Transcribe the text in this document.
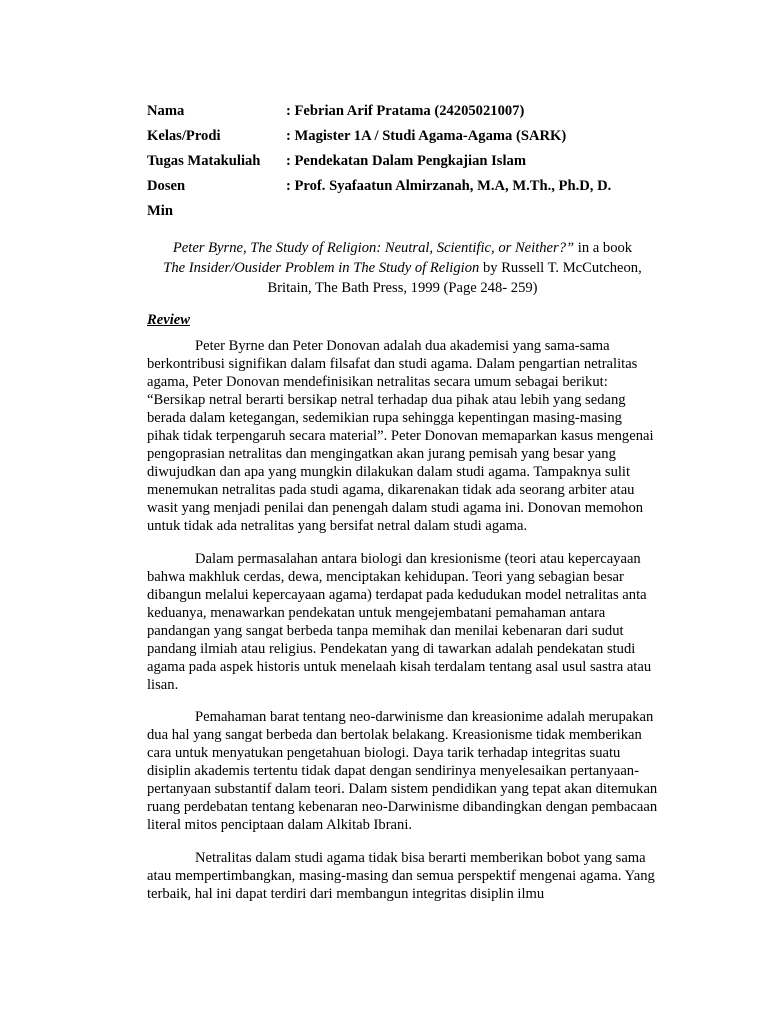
Nama	: Febrian Arif Pratama (24205021007)
Kelas/Prodi	: Magister 1A / Studi Agama-Agama (SARK)
Tugas Matakuliah	: Pendekatan Dalam Pengkajian Islam
Dosen	: Prof. Syafaatun Almirzanah, M.A, M.Th., Ph.D, D.
Min
Peter Byrne, The Study of Religion: Neutral, Scientific, or Neither?” in a book
The Insider/Ousider Problem in The Study of Religion by Russell T. McCutcheon,
Britain, The Bath Press, 1999 (Page 248- 259)
Review

Peter Byrne dan Peter Donovan adalah dua akademisi yang sama-sama berkontribusi signifikan dalam filsafat dan studi agama. Dalam pengartian netralitas agama, Peter Donovan mendefinisikan netralitas secara umum sebagai berikut: “Bersikap netral berarti bersikap netral terhadap dua pihak atau lebih yang sedang berada dalam ketegangan, sedemikian rupa sehingga kepentingan masing-masing pihak tidak terpengaruh secara material”. Peter Donovan memaparkan kasus mengenai pengoprasian netralitas dan mengingatkan akan jurang pemisah yang besar yang diwujudkan dan apa yang mungkin dilakukan dalam studi agama. Tampaknya sulit menemukan netralitas pada studi agama, dikarenakan tidak ada seorang arbiter atau wasit yang menjadi penilai dan penengah dalam studi agama ini. Donovan memohon untuk tidak ada netralitas yang bersifat netral dalam studi agama.

Dalam permasalahan antara biologi dan kresionisme (teori atau kepercayaan bahwa makhluk cerdas, dewa, menciptakan kehidupan. Teori yang sebagian besar dibangun melalui kepercayaan agama) terdapat pada kedudukan model netralitas anta keduanya, menawarkan pendekatan untuk mengejembatani pemahaman antara pandangan yang sangat berbeda tanpa memihak dan menilai kebenaran dari sudut pandang ilmiah atau religius. Pendekatan yang di tawarkan adalah pendekatan studi agama pada aspek historis untuk menelaah kisah terdalam tentang asal usul sastra atau lisan.

Pemahaman barat tentang neo-darwinisme dan kreasionime adalah merupakan dua hal yang sangat berbeda dan bertolak belakang. Kreasionisme tidak memberikan cara untuk menyatukan pengetahuan biologi. Daya tarik terhadap integritas suatu disiplin akademis tertentu tidak dapat dengan sendirinya menyelesaikan pertanyaan-pertanyaan substantif dalam teori. Dalam sistem pendidikan yang tepat akan ditemukan ruang perdebatan tentang kebenaran neo-Darwinisme dibandingkan dengan pembacaan literal mitos penciptaan dalam Alkitab Ibrani.

Netralitas dalam studi agama tidak bisa berarti memberikan bobot yang sama atau mempertimbangkan, masing-masing dan semua perspektif mengenai agama. Yang terbaik, hal ini dapat terdiri dari membangun integritas disiplin ilmu
